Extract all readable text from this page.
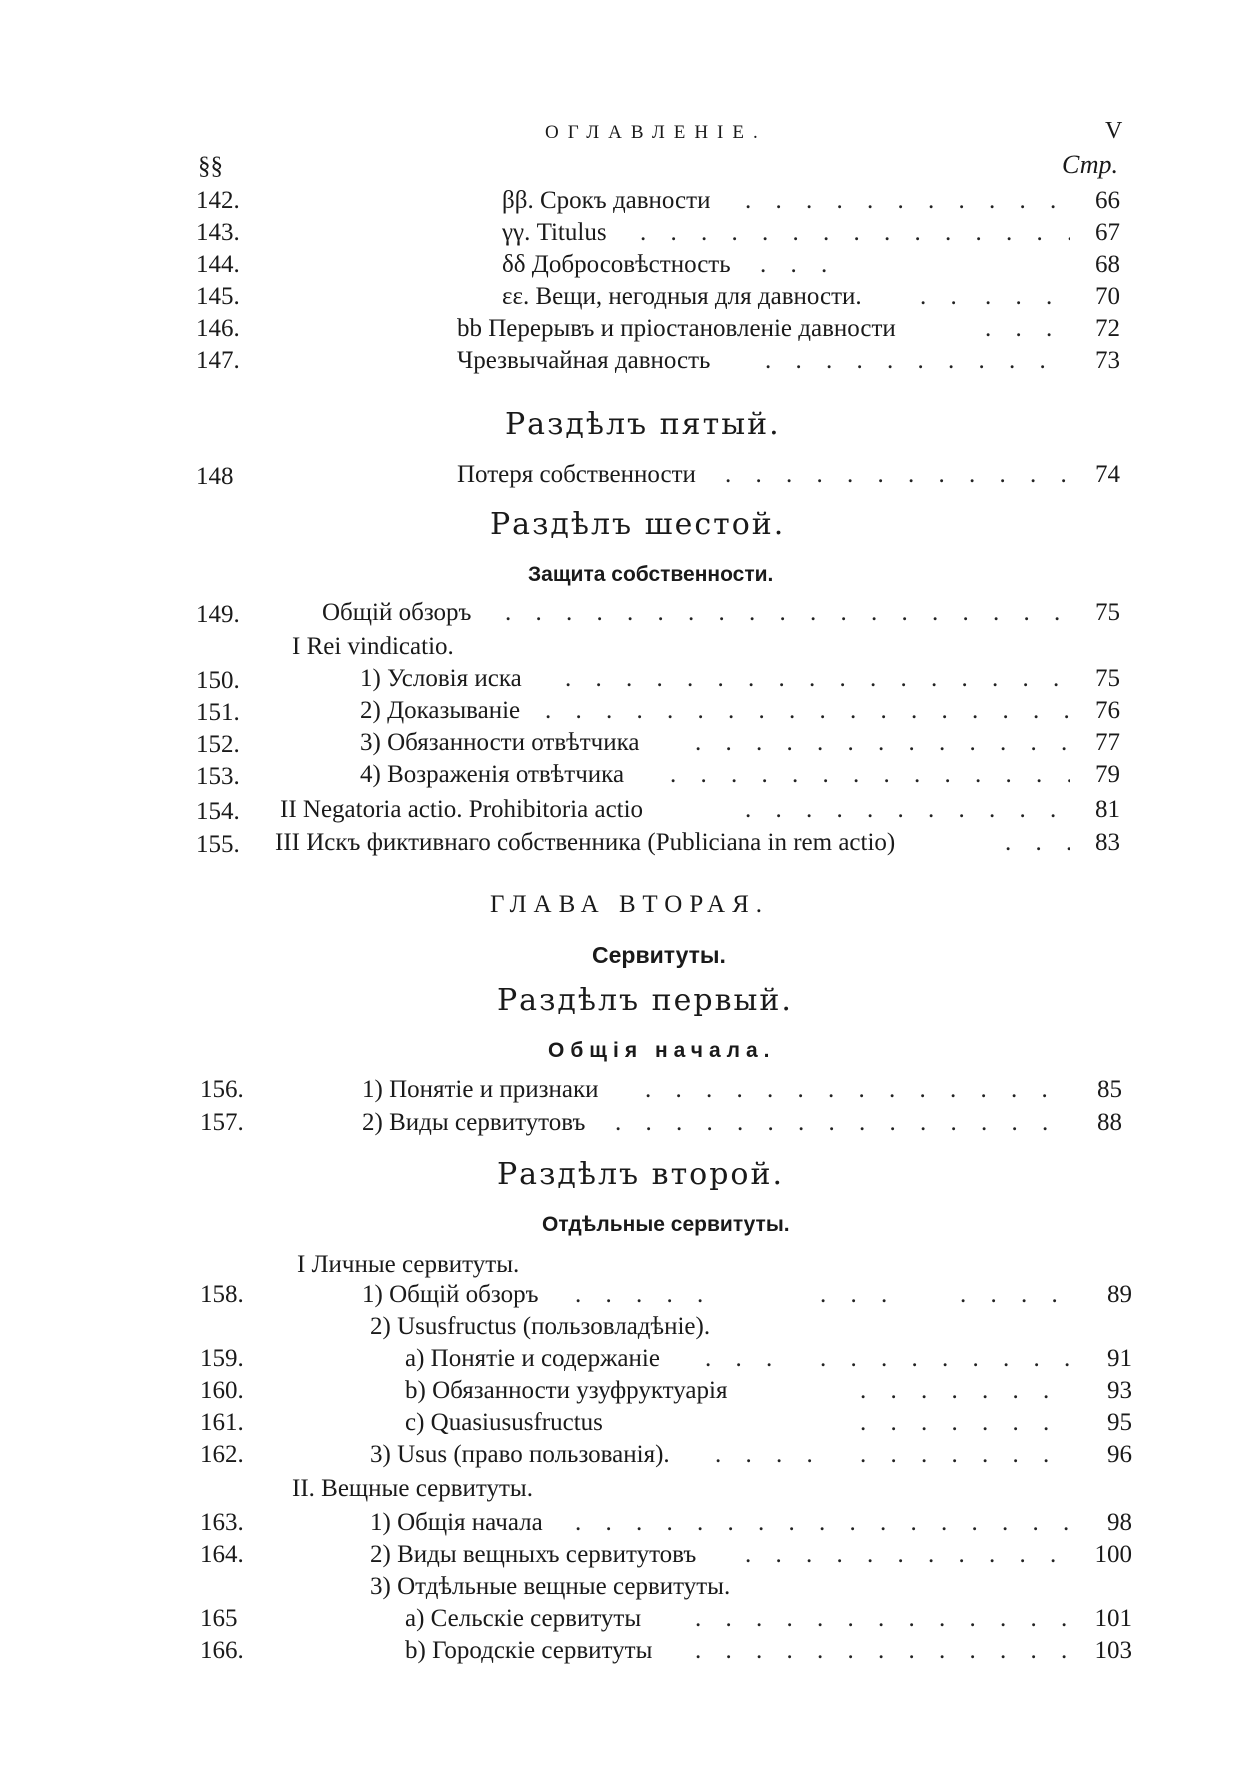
ОГЛАВЛЕНІЕ.	V
§§	Стр.
142.	ββ. Срокъ давности . . .	66
143.	γγ. Titulus . . .	67
144.	δδ Добросовѣстность . . .	68
145.	εε. Вещи, негодныя для давности. . . . . . .	70
146.	bb Перерывъ и пріостановленіе давности . . .	72
147.	Чрезвычайная давность . . .	73
Раздѣлъ пятый.
148	Потеря собственности . . .	74
Раздѣлъ шестой.
Защита собственности.
149.	Общій обзоръ . . .	75
I Rei vindicatio.
150.	1) Условія иска . . .	75
151.	2) Доказываніе . . .	76
152.	3) Обязанности отвѣтчика . . .	77
153.	4) Возраженія отвѣтчика . . .	79
154. II Negatoria actio. Prohibitoria actio . . .	81
155. III Искъ фиктивнаго собственника (Publiciana in rem actio) . . .	83
ГЛАВА ВТОРАЯ.
Сервитуты.
Раздѣлъ первый.
Общія начала.
156.	1) Понятіе и признаки . . .	85
157.	2) Виды сервитутовъ . . .	88
Раздѣлъ второй.
Отдѣльные сервитуты.
I Личные сервитуты.
158.	1) Общій обзоръ . . . . . . . . .	89
2) Ususfructus (пользовладѣніе).
159.	a) Понятіе и содержаніе . . . . . .	91
160.	b) Обязанности узуфруктуарія . . .	93
161.	c) Quasiususfructus . . .	95
162.	3) Usus (право пользованія). . . . . . .	96
II. Вещные сервитуты.
163.	1) Общія начала . . .	98
164.	2) Виды вещныхъ сервитутовъ . . .	100
3) Отдѣльные вещные сервитуты.
165	a) Сельскіе сервитуты . . .	101
166.	b) Городскіе сервитуты . . .	103
